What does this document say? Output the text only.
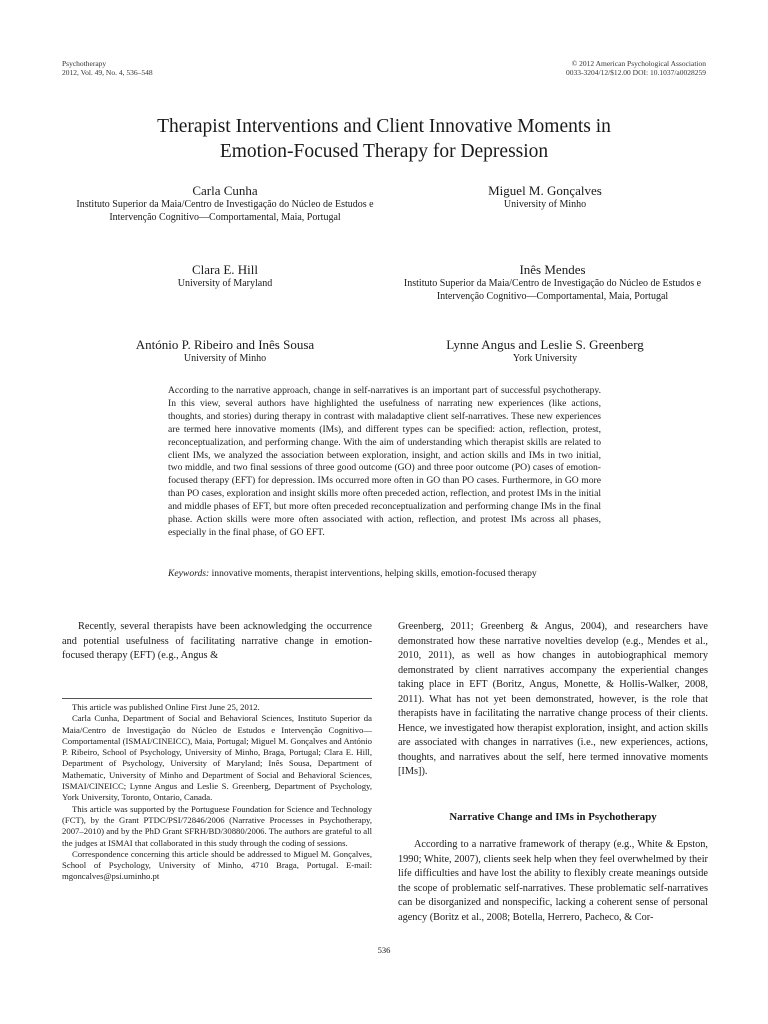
Psychotherapy
2012, Vol. 49, No. 4, 536–548
© 2012 American Psychological Association
0033-3204/12/$12.00 DOI: 10.1037/a0028259
Therapist Interventions and Client Innovative Moments in
Emotion-Focused Therapy for Depression
Carla Cunha
Instituto Superior da Maia/Centro de Investigação do Núcleo de Estudos e Intervenção Cognitivo—Comportamental, Maia, Portugal
Miguel M. Gonçalves
University of Minho
Clara E. Hill
University of Maryland
Inês Mendes
Instituto Superior da Maia/Centro de Investigação do Núcleo de Estudos e Intervenção Cognitivo—Comportamental, Maia, Portugal
António P. Ribeiro and Inês Sousa
University of Minho
Lynne Angus and Leslie S. Greenberg
York University
According to the narrative approach, change in self-narratives is an important part of successful psychotherapy. In this view, several authors have highlighted the usefulness of narrating new experiences (like actions, thoughts, and stories) during therapy in contrast with maladaptive client self-narratives. These new experiences are termed here innovative moments (IMs), and different types can be specified: action, reflection, protest, reconceptualization, and performing change. With the aim of understanding which therapist skills are related to client IMs, we analyzed the association between exploration, insight, and action skills and IMs in two initial, two middle, and two final sessions of three good outcome (GO) and three poor outcome (PO) cases of emotion-focused therapy (EFT) for depression. IMs occurred more often in GO than PO cases. Furthermore, in GO more than PO cases, exploration and insight skills more often preceded action, reflection, and protest IMs in the initial and middle phases of EFT, but more often preceded reconceptualization and performing change IMs in the final phase. Action skills were more often associated with action, reflection, and protest IMs across all phases, especially in the final phase, of GO EFT.
Keywords: innovative moments, therapist interventions, helping skills, emotion-focused therapy

Recently, several therapists have been acknowledging the occurrence and potential usefulness of facilitating narrative change in emotion-focused therapy (EFT) (e.g., Angus &

This article was published Online First June 25, 2012.

Carla Cunha, Department of Social and Behavioral Sciences, Instituto Superior da Maia/Centro de Investigação do Núcleo de Estudos e Intervenção Cognitivo—Comportamental (ISMAI/CINEICC), Maia, Portugal; Miguel M. Gonçalves and António P. Ribeiro, School of Psychology, University of Minho, Braga, Portugal; Clara E. Hill, Department of Psychology, University of Maryland; Inês Sousa, Department of Mathematic, University of Minho and Department of Social and Behavioral Sciences, ISMAI/CINEICC; Lynne Angus and Leslie S. Greenberg, Department of Psychology, York University, Toronto, Ontario, Canada.

This article was supported by the Portuguese Foundation for Science and Technology (FCT), by the Grant PTDC/PSI/72846/2006 (Narrative Processes in Psychotherapy, 2007–2010) and by the PhD Grant SFRH/BD/30880/2006. The authors are grateful to all the judges at ISMAI that collaborated in this study through the coding of sessions.

Correspondence concerning this article should be addressed to Miguel M. Gonçalves, School of Psychology, University of Minho, 4710 Braga, Portugal. E-mail: mgoncalves@psi.uminho.pt

Greenberg, 2011; Greenberg & Angus, 2004), and researchers have demonstrated how these narrative novelties develop (e.g., Mendes et al., 2010, 2011), as well as how changes in autobiographical memory demonstrated by client narratives accompany the experiential changes taking place in EFT (Boritz, Angus, Monette, & Hollis-Walker, 2008, 2011). What has not yet been demonstrated, however, is the role that therapists have in facilitating the narrative change process of their clients. Hence, we investigated how therapist exploration, insight, and action skills are associated with changes in narratives (i.e., new experiences, actions, thoughts, and narratives about the self, here termed innovative moments [IMs]).

Narrative Change and IMs in Psychotherapy

According to a narrative framework of therapy (e.g., White & Epston, 1990; White, 2007), clients seek help when they feel overwhelmed by their life difficulties and have lost the ability to flexibly create meanings outside the scope of problematic self-narratives. These problematic self-narratives can be disorganized and nonspecific, lacking a coherent sense of personal agency (Boritz et al., 2008; Botella, Herrero, Pacheco, & Cor-

536
